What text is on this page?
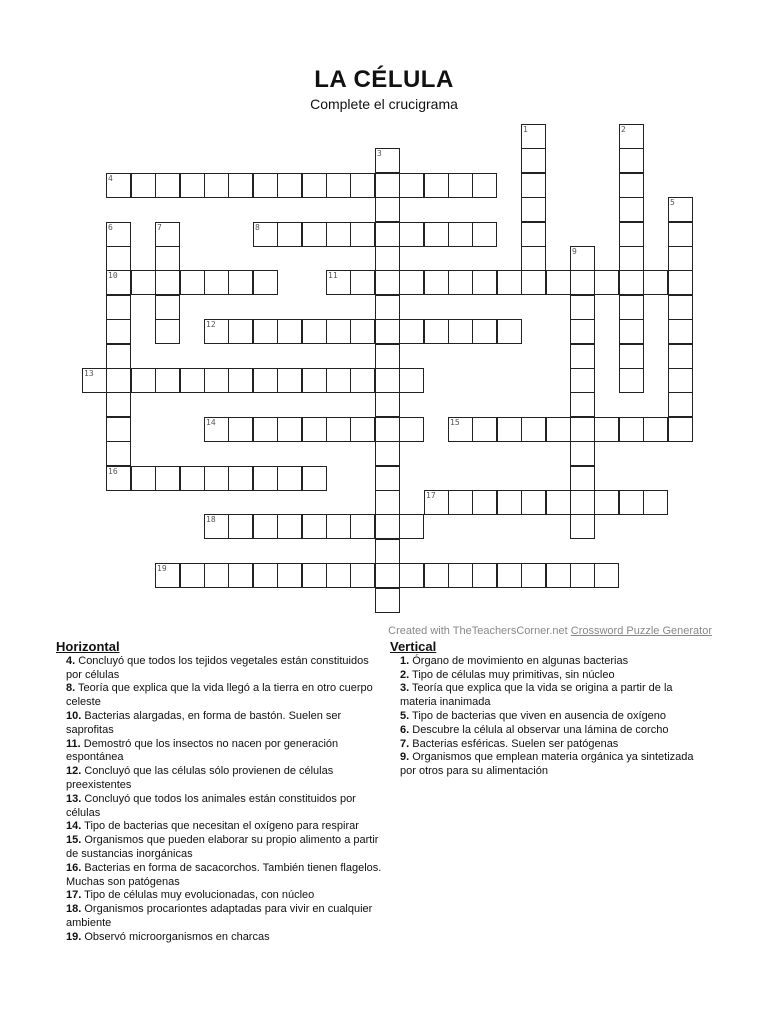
LA CÉLULA
Complete el crucigrama
4
8
10	11
12
13
14	15
16
17
18
19
1	2
3
5
6	7
9
Created with TheTeachersCorner.net Crossword Puzzle Generator
Horizontal
4. Concluyó que todos los tejidos vegetales están constituidos por células
8. Teoría que explica que la vida llegó a la tierra en otro cuerpo celeste
10. Bacterias alargadas, en forma de bastón. Suelen ser saprofitas
11. Demostró que los insectos no nacen por generación espontánea
12. Concluyó que las células sólo provienen de células preexistentes
13. Concluyó que todos los animales están constituidos por células
14. Tipo de bacterias que necesitan el oxígeno para respirar
15. Organismos que pueden elaborar su propio alimento a partir de sustancias inorgánicas
16. Bacterias en forma de sacacorchos. También tienen flagelos. Muchas son patógenas
17. Tipo de células muy evolucionadas, con núcleo
18. Organismos procariontes adaptadas para vivir en cualquier ambiente
19. Observó microorganismos en charcas
Vertical
1. Órgano de movimiento en algunas bacterias
2. Tipo de células muy primitivas, sin núcleo
3. Teoría que explica que la vida se origina a partir de la materia inanimada
5. Tipo de bacterias que viven en ausencia de oxígeno
6. Descubre la célula al observar una lámina de corcho
7. Bacterias esféricas. Suelen ser patógenas
9. Organismos que emplean materia orgánica ya sintetizada por otros para su alimentación
